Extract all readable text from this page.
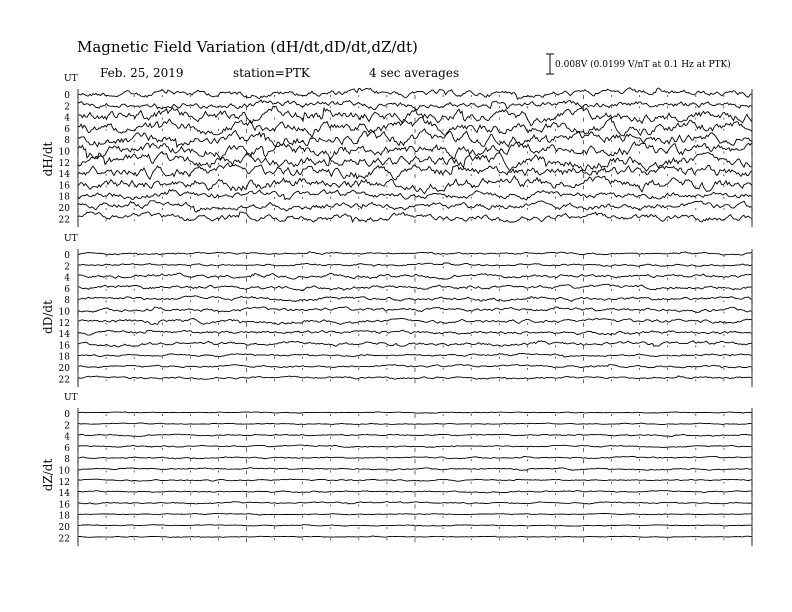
Magnetic Field Variation (dH/dt,dD/dt,dZ/dt)
Feb. 25, 2019	station=PTK	4 sec averages
0.008V (0.0199 V/nT at 0.1 Hz at PTK)
UT
UT
UT
dH/dt
dD/dt
dZ/dt
0
2
4
6
8
10
12
14
16
18
20
22
0
2
4
6
8
10
12
14
16
18
20
22
0
2
4
6
8
10
12
14
16
18
20
22
